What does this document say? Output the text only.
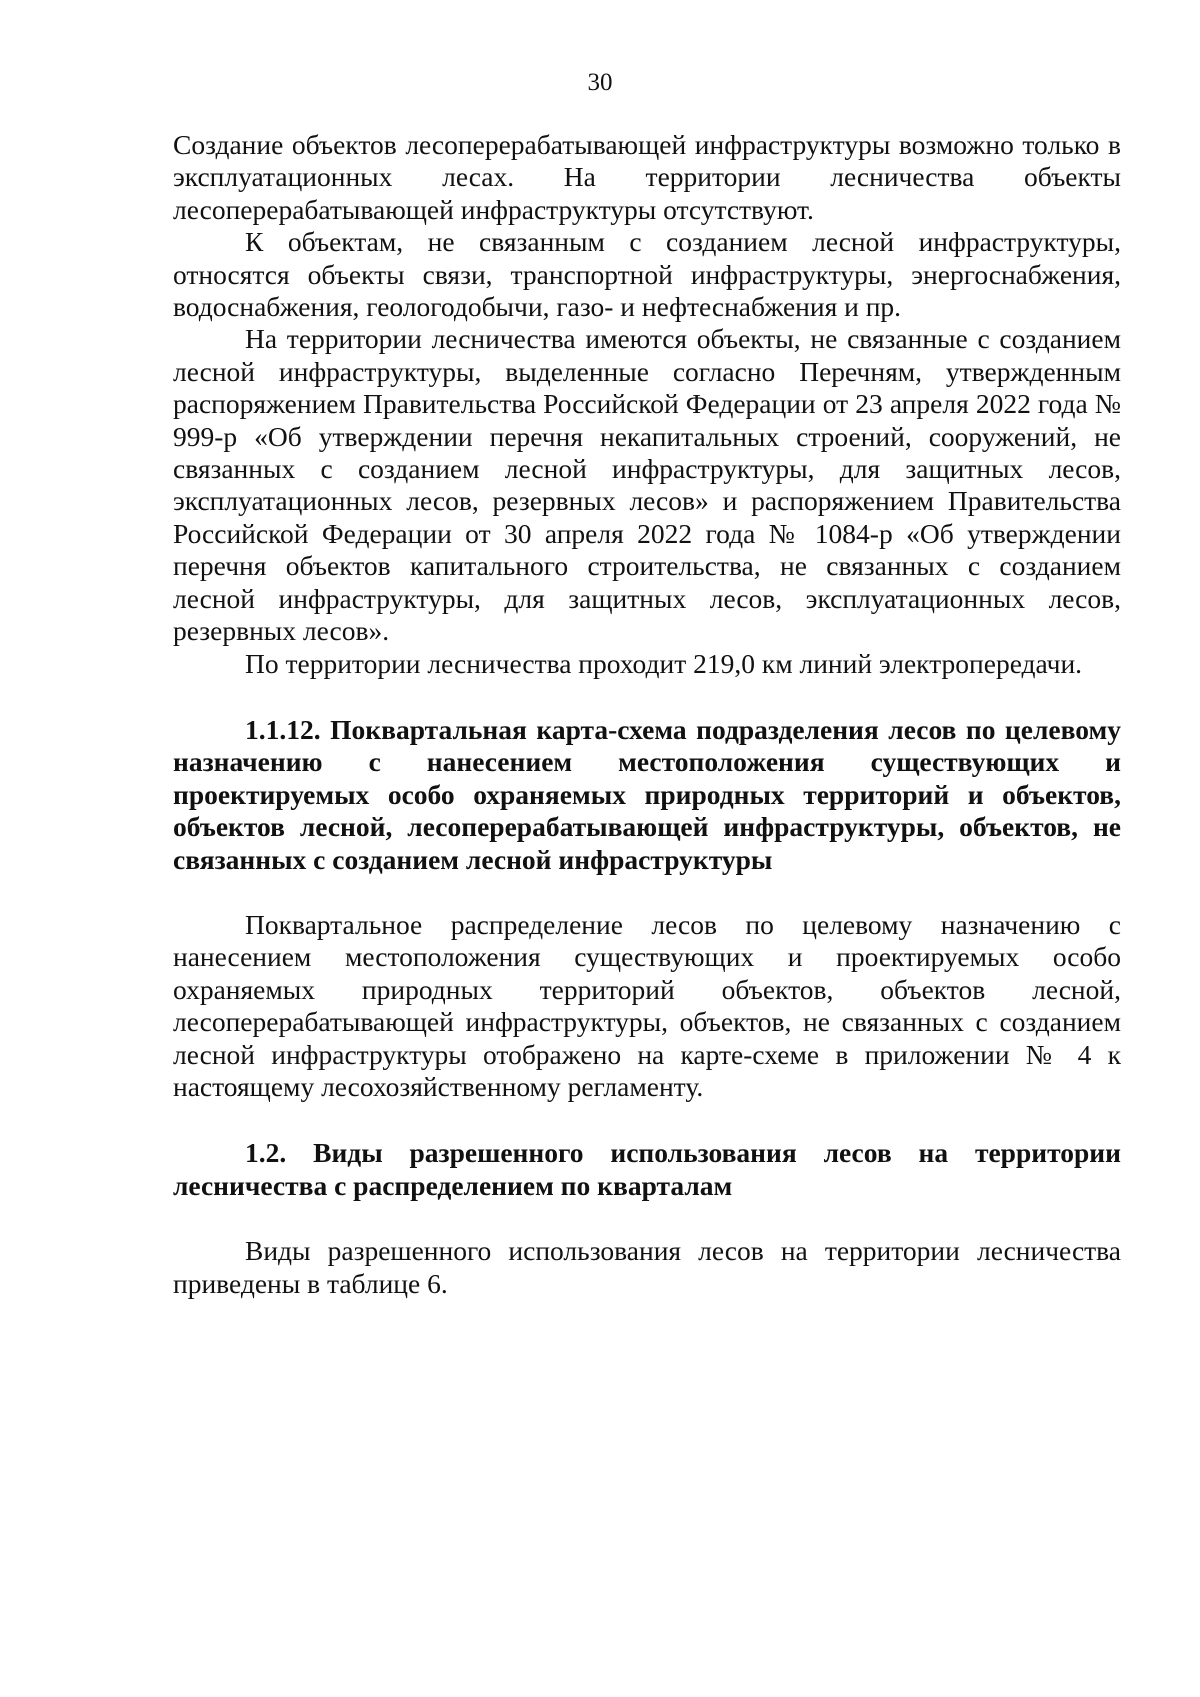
30

Создание объектов лесоперерабатывающей инфраструктуры возможно только в эксплуатационных лесах. На территории лесничества объекты лесоперерабатывающей инфраструктуры отсутствуют.

К объектам, не связанным с созданием лесной инфраструктуры, относятся объекты связи, транспортной инфраструктуры, энергоснабжения, водоснабжения, геологодобычи, газо- и нефтеснабжения и пр.

На территории лесничества имеются объекты, не связанные с созданием лесной инфраструктуры, выделенные согласно Перечням, утвержденным распоряжением Правительства Российской Федерации от 23 апреля 2022 года № 999-р «Об утверждении перечня некапитальных строений, сооружений, не связанных с созданием лесной инфраструктуры, для защитных лесов, эксплуатационных лесов, резервных лесов» и распоряжением Правительства Российской Федерации от 30 апреля 2022 года № 1084-р «Об утверждении перечня объектов капитального строительства, не связанных с созданием лесной инфраструктуры, для защитных лесов, эксплуатационных лесов, резервных лесов».

По территории лесничества проходит 219,0 км линий электропередачи.

1.1.12. Поквартальная карта-схема подразделения лесов по целевому назначению с нанесением местоположения существующих и проектируемых особо охраняемых природных территорий и объектов, объектов лесной, лесоперерабатывающей инфраструктуры, объектов, не связанных с созданием лесной инфраструктуры

Поквартальное распределение лесов по целевому назначению с нанесением местоположения существующих и проектируемых особо охраняемых природных территорий объектов, объектов лесной, лесоперерабатывающей инфраструктуры, объектов, не связанных с созданием лесной инфраструктуры отображено на карте-схеме в приложении № 4 к настоящему лесохозяйственному регламенту.

1.2. Виды разрешенного использования лесов на территории лесничества с распределением по кварталам

Виды разрешенного использования лесов на территории лесничества приведены в таблице 6.
